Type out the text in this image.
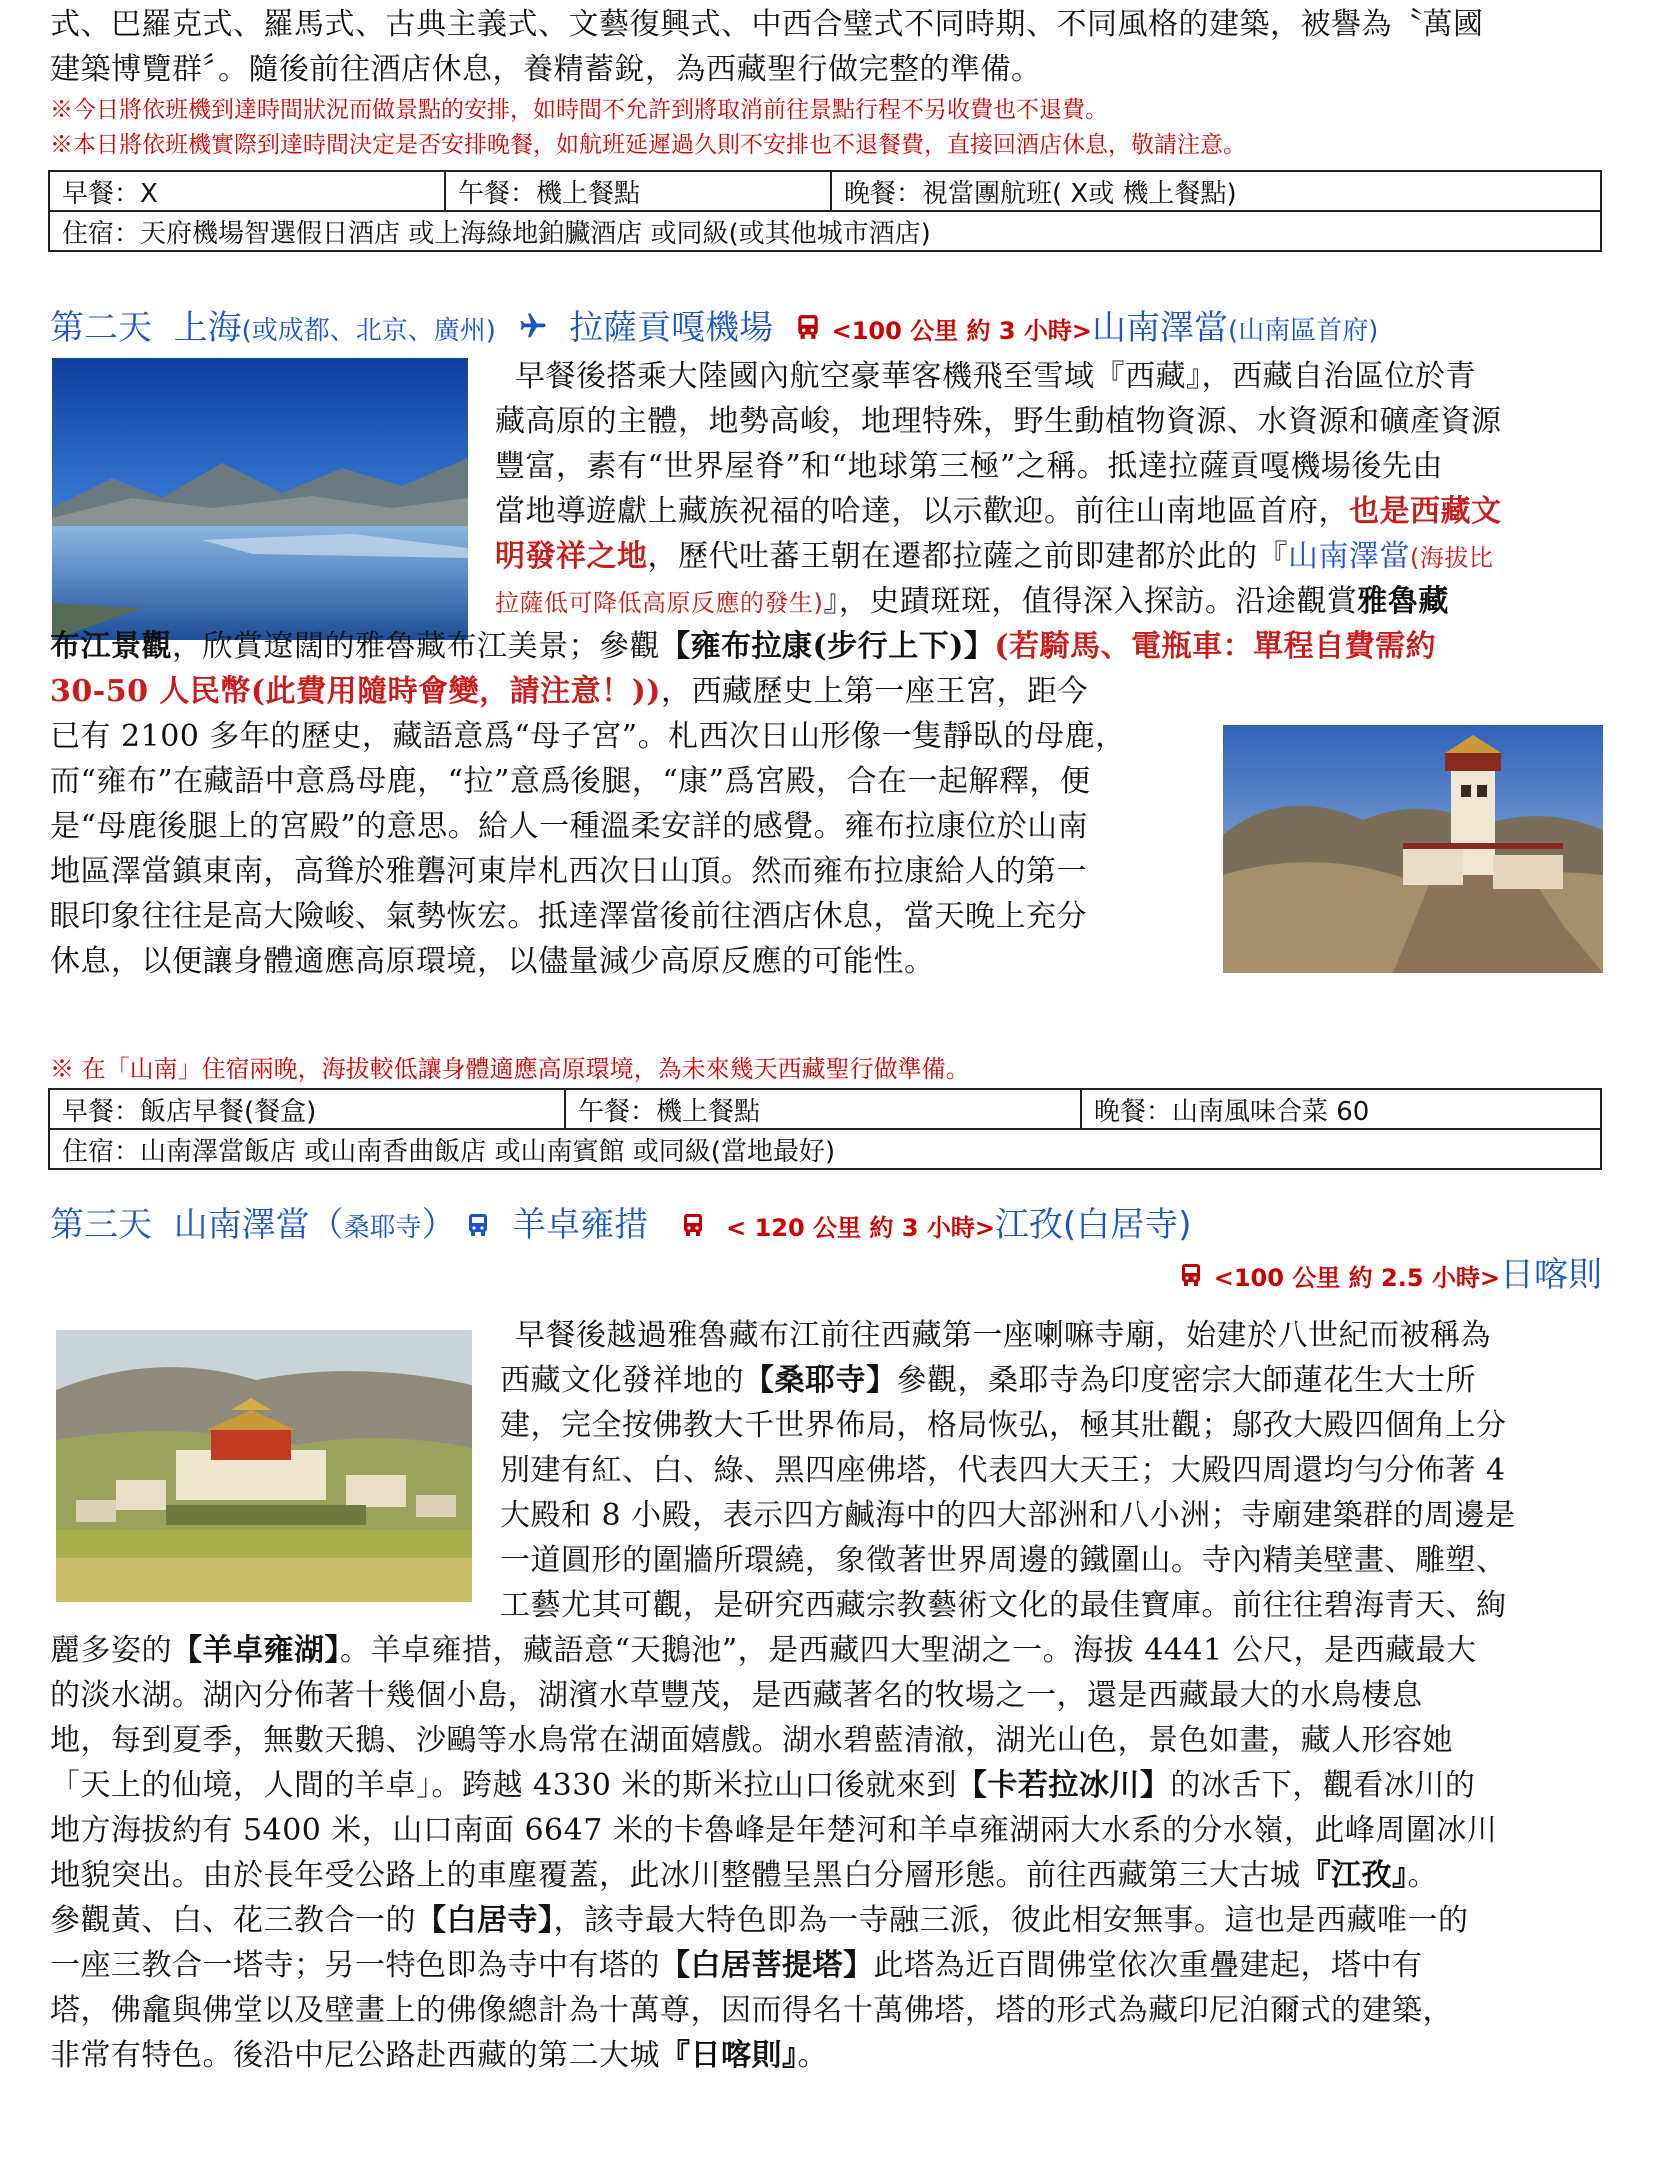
式、巴羅克式、羅馬式、古典主義式、文藝復興式、中西合璧式不同時期、不同風格的建築，被譽為〝萬國
建築博覽群〞。隨後前往酒店休息，養精蓄銳，為西藏聖行做完整的準備。
※今日將依班機到達時間狀況而做景點的安排，如時間不允許到將取消前往景點行程不另收費也不退費。
※本日將依班機實際到達時間決定是否安排晚餐，如航班延遲過久則不安排也不退餐費，直接回酒店休息，敬請注意。
早餐：X	午餐：機上餐點	晚餐：視當團航班( X或 機上餐點)
住宿：天府機場智選假日酒店 或上海綠地鉑臟酒店 或同級(或其他城市酒店)
第二天 上海(或成都、北京、廣州) 拉薩貢嘎機場 <100 公里 約 3 小時>山南澤當(山南區首府)
早餐後搭乘大陸國內航空豪華客機飛至雪域『西藏』，西藏自治區位於青
藏高原的主體，地勢高峻，地理特殊，野生動植物資源、水資源和礦產資源
豐富，素有“世界屋脊”和“地球第三極”之稱。抵達拉薩貢嘎機場後先由
當地導遊獻上藏族祝福的哈達，以示歡迎。前往山南地區首府，也是西藏文
明發祥之地，歷代吐蕃王朝在遷都拉薩之前即建都於此的『山南澤當(海拔比
拉薩低可降低高原反應的發生)』，史蹟斑斑，值得深入探訪。沿途觀賞雅魯藏
布江景觀，欣賞遼闊的雅魯藏布江美景；參觀【雍布拉康(步行上下)】(若騎馬、電瓶車：單程自費需約
30-50 人民幣(此費用隨時會變，請注意！))，西藏歷史上第一座王宮，距今
已有 2100 多年的歷史，藏語意爲“母子宮”。札西次日山形像一隻靜臥的母鹿，
而“雍布”在藏語中意爲母鹿，“拉”意爲後腿，“康”爲宮殿，合在一起解釋，便
是“母鹿後腿上的宮殿”的意思。給人一種溫柔安詳的感覺。雍布拉康位於山南
地區澤當鎮東南，高聳於雅礱河東岸札西次日山頂。然而雍布拉康給人的第一
眼印象往往是高大險峻、氣勢恢宏。抵達澤當後前往酒店休息，當天晚上充分
休息，以便讓身體適應高原環境，以儘量減少高原反應的可能性。
※ 在「山南」住宿兩晚，海拔較低讓身體適應高原環境，為未來幾天西藏聖行做準備。
早餐：飯店早餐(餐盒)	午餐：機上餐點	晚餐：山南風味合菜 60
住宿：山南澤當飯店 或山南香曲飯店 或山南賓館 或同級(當地最好)
第三天 山南澤當（桑耶寺） 羊卓雍措	< 120 公里 約 3 小時>江孜(白居寺)
<100 公里 約 2.5 小時>日喀則
早餐後越過雅魯藏布江前往西藏第一座喇嘛寺廟，始建於八世紀而被稱為
西藏文化發祥地的【桑耶寺】參觀，桑耶寺為印度密宗大師蓮花生大士所
建，完全按佛教大千世界佈局，格局恢弘，極其壯觀；鄔孜大殿四個角上分
別建有紅、白、綠、黑四座佛塔，代表四大天王；大殿四周還均勻分佈著 4
大殿和 8 小殿，表示四方鹹海中的四大部洲和八小洲；寺廟建築群的周邊是
一道圓形的圍牆所環繞，象徵著世界周邊的鐵圍山。寺內精美壁畫、雕塑、
工藝尤其可觀，是研究西藏宗教藝術文化的最佳寶庫。前往往碧海青天、絢
麗多姿的【羊卓雍湖】。羊卓雍措，藏語意“天鵝池”，是西藏四大聖湖之一。海拔 4441 公尺，是西藏最大
的淡水湖。湖內分佈著十幾個小島，湖濱水草豐茂，是西藏著名的牧場之一，還是西藏最大的水鳥棲息
地，每到夏季，無數天鵝、沙鷗等水鳥常在湖面嬉戲。湖水碧藍清澈，湖光山色，景色如畫，藏人形容她
「天上的仙境，人間的羊卓」。跨越 4330 米的斯米拉山口後就來到【卡若拉冰川】的冰舌下，觀看冰川的
地方海拔約有 5400 米，山口南面 6647 米的卡魯峰是年楚河和羊卓雍湖兩大水系的分水嶺，此峰周圍冰川
地貌突出。由於長年受公路上的車塵覆蓋，此冰川整體呈黑白分層形態。前往西藏第三大古城『江孜』。
參觀黃、白、花三教合一的【白居寺】，該寺最大特色即為一寺融三派，彼此相安無事。這也是西藏唯一的
一座三教合一塔寺；另一特色即為寺中有塔的【白居菩提塔】此塔為近百間佛堂依次重疊建起，塔中有
塔，佛龕與佛堂以及壁畫上的佛像總計為十萬尊，因而得名十萬佛塔，塔的形式為藏印尼泊爾式的建築，
非常有特色。後沿中尼公路赴西藏的第二大城『日喀則』。
